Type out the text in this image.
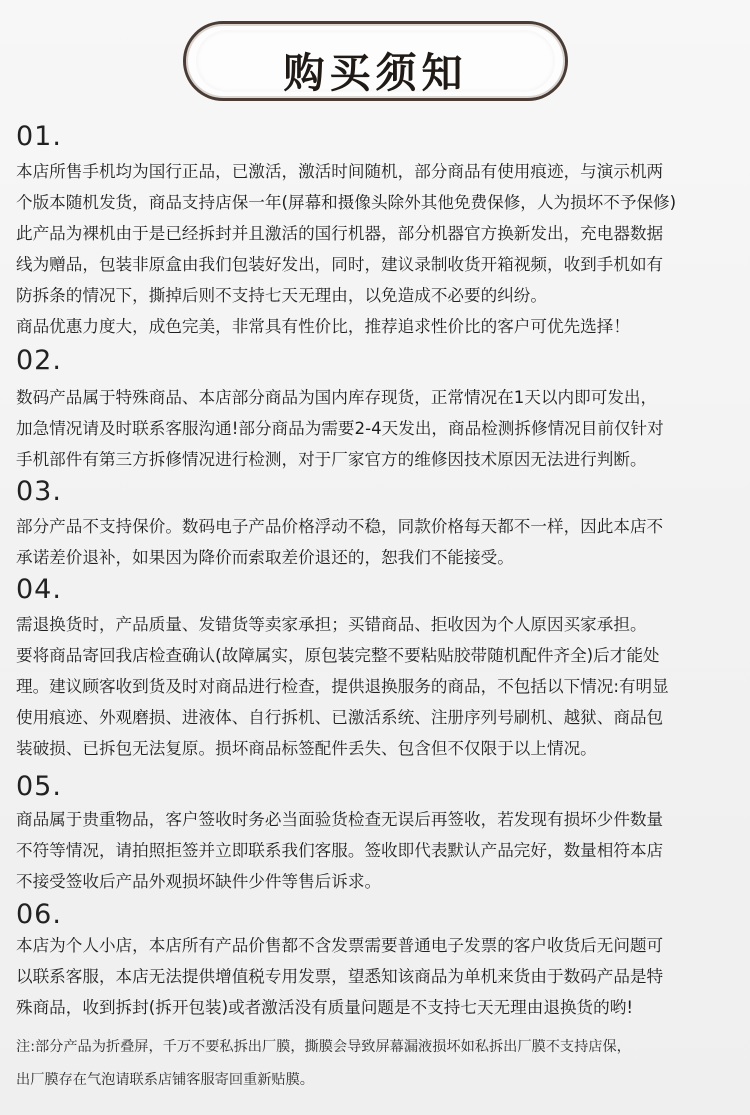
购买须知
01.
本店所售手机均为国行正品，已激活，激活时间随机，部分商品有使用痕迹，与演示机两
个版本随机发货，商品支持店保一年(屏幕和摄像头除外其他免费保修，人为损坏不予保修)
此产品为裸机由于是已经拆封并且激活的国行机器，部分机器官方换新发出，充电器数据
线为赠品，包装非原盒由我们包装好发出，同时，建议录制收货开箱视频，收到手机如有
防拆条的情况下，撕掉后则不支持七天无理由，以免造成不必要的纠纷。
商品优惠力度大，成色完美，非常具有性价比，推荐追求性价比的客户可优先选择！
02.
数码产品属于特殊商品、本店部分商品为国内库存现货，正常情况在1天以内即可发出，
加急情况请及时联系客服沟通!部分商品为需要2-4天发出，商品检测拆修情况目前仅针对
手机部件有第三方拆修情况进行检测，对于厂家官方的维修因技术原因无法进行判断。
03.
部分产品不支持保价。数码电子产品价格浮动不稳，同款价格每天都不一样，因此本店不
承诺差价退补，如果因为降价而索取差价退还的，恕我们不能接受。
04.
需退换货时，产品质量、发错货等卖家承担；买错商品、拒收因为个人原因买家承担。
要将商品寄回我店检查确认(故障属实，原包装完整不要粘贴胶带随机配件齐全)后才能处
理。建议顾客收到货及时对商品进行检查，提供退换服务的商品，不包括以下情况:有明显
使用痕迹、外观磨损、进液体、自行拆机、已激活系统、注册序列号刷机、越狱、商品包
装破损、已拆包无法复原。损坏商品标签配件丢失、包含但不仅限于以上情况。
05.
商品属于贵重物品，客户签收时务必当面验货检查无误后再签收，若发现有损坏少件数量
不符等情况，请拍照拒签并立即联系我们客服。签收即代表默认产品完好，数量相符本店
不接受签收后产品外观损坏缺件少件等售后诉求。
06.
本店为个人小店，本店所有产品价售都不含发票需要普通电子发票的客户收货后无问题可
以联系客服，本店无法提供增值税专用发票，望悉知该商品为单机来货由于数码产品是特
殊商品，收到拆封(拆开包装)或者激活没有质量问题是不支持七天无理由退换货的哟!
注:部分产品为折叠屏，千万不要私拆出厂膜，撕膜会导致屏幕漏液损坏如私拆出厂膜不支持店保，
出厂膜存在气泡请联系店铺客服寄回重新贴膜。
